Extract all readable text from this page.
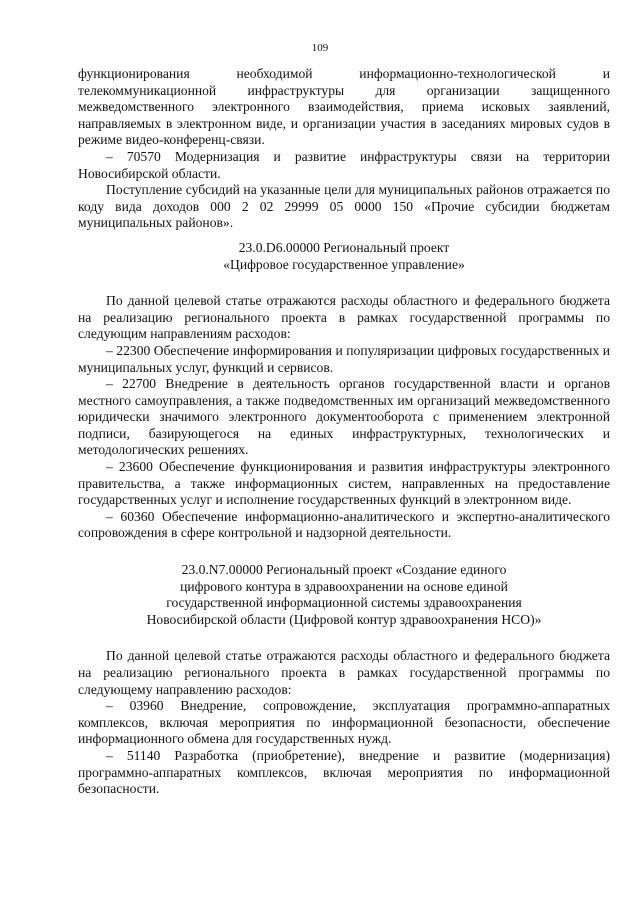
109

функционирования необходимой информационно-технологической и телекоммуникационной инфраструктуры для организации защищенного межведомственного электронного взаимодействия, приема исковых заявлений, направляемых в электронном виде, и организации участия в заседаниях мировых судов в режиме видео-конференц-связи.

– 70570 Модернизация и развитие инфраструктуры связи на территории Новосибирской области.

Поступление субсидий на указанные цели для муниципальных районов отражается по коду вида доходов 000 2 02 29999 05 0000 150 «Прочие субсидии бюджетам муниципальных районов».

23.0.D6.00000 Региональный проект

«Цифровое государственное управление»

По данной целевой статье отражаются расходы областного и федерального бюджета на реализацию регионального проекта в рамках государственной программы по следующим направлениям расходов:

– 22300 Обеспечение информирования и популяризации цифровых государственных и муниципальных услуг, функций и сервисов.

– 22700 Внедрение в деятельность органов государственной власти и органов местного самоуправления, а также подведомственных им организаций межведомственного юридически значимого электронного документооборота с применением электронной подписи, базирующегося на единых инфраструктурных, технологических и методологических решениях.

– 23600 Обеспечение функционирования и развития инфраструктуры электронного правительства, а также информационных систем, направленных на предоставление государственных услуг и исполнение государственных функций в электронном виде.

– 60360 Обеспечение информационно-аналитического и экспертно-аналитического сопровождения в сфере контрольной и надзорной деятельности.

23.0.N7.00000 Региональный проект «Создание единого

цифрового контура в здравоохранении на основе единой

государственной информационной системы здравоохранения

Новосибирской области (Цифровой контур здравоохранения НСО)»

По данной целевой статье отражаются расходы областного и федерального бюджета на реализацию регионального проекта в рамках государственной программы по следующему направлению расходов:

– 03960 Внедрение, сопровождение, эксплуатация программно-аппаратных комплексов, включая мероприятия по информационной безопасности, обеспечение информационного обмена для государственных нужд.

– 51140 Разработка (приобретение), внедрение и развитие (модернизация) программно-аппаратных комплексов, включая мероприятия по информационной безопасности.
